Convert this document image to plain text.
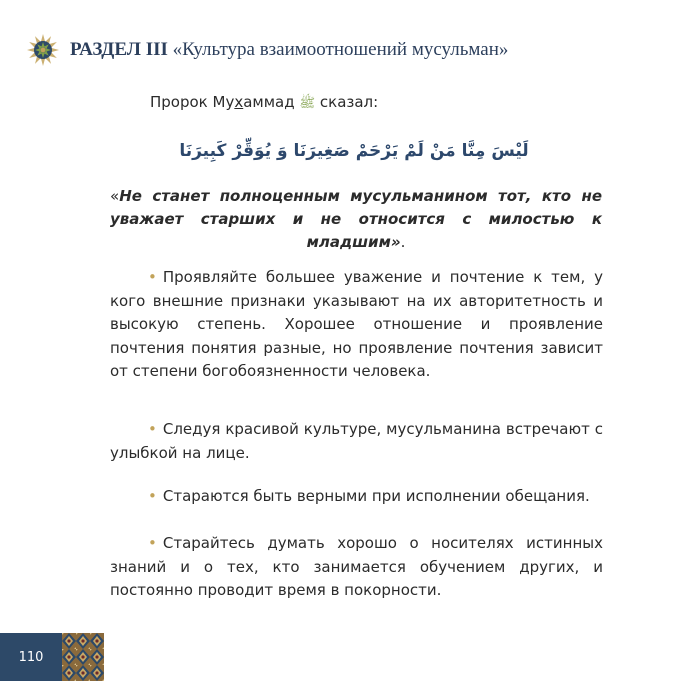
РАЗДЕЛ III «Культура взаимоотношений мусульман»
Пророк Мухаммад ﷺ сказал:
لَيْسَ مِنَّا مَنْ لَمْ يَرْحَمْ صَغِيرَنَا وَ يُوَقِّرْ كَبِيرَنَا
«Не станет полноценным мусульманином тот, кто не уважает старших и не относится с милостью к младшим».

• Проявляйте большее уважение и почтение к тем, у кого внешние признаки указывают на их авторитетность и высокую степень. Хорошее отношение и проявление почтения понятия разные, но проявление почтения зависит от степени богобоязненности человека.

• Следуя красивой культуре, мусульманина встречают с улыбкой на лице.

• Стараются быть верными при исполнении обещания.

• Старайтесь думать хорошо о носителях истинных знаний и о тех, кто занимается обучением других, и постоянно проводит время в покорности.

110
